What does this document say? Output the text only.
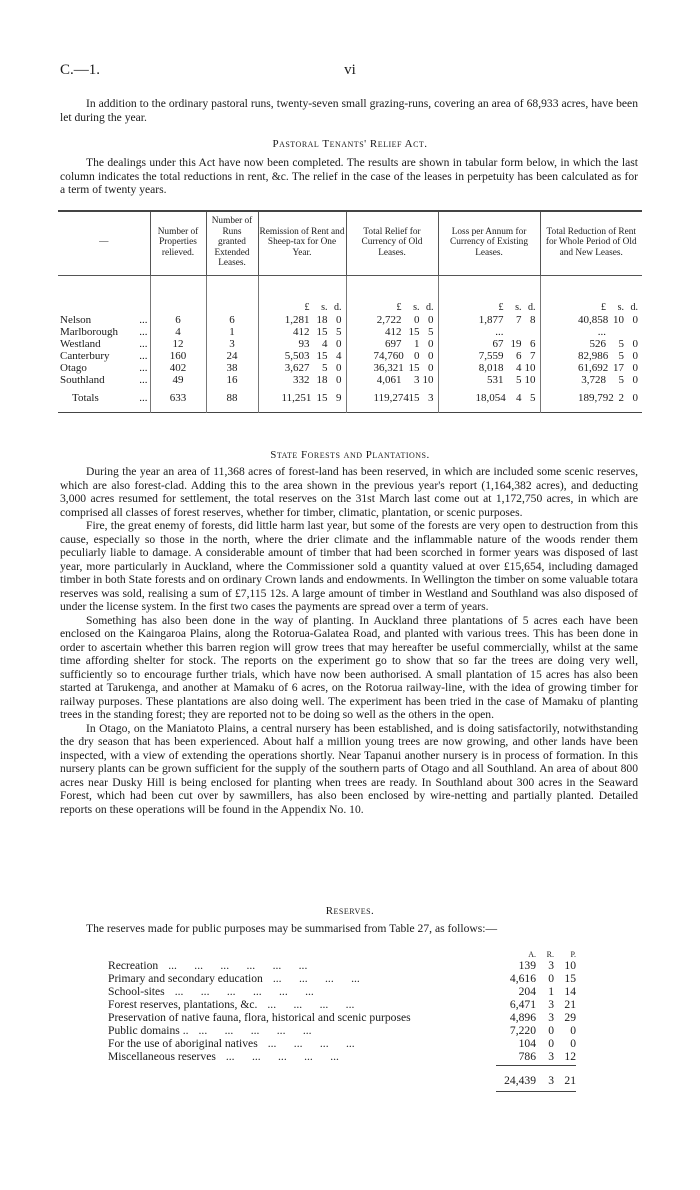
C.—1.	vi

In addition to the ordinary pastoral runs, twenty-seven small grazing-runs, covering an area of 68,933 acres, have been let during the year.

Pastoral Tenants' Relief Act.

The dealings under this Act have now been completed. The results are shown in tabular form below, in which the last column indicates the total reductions in rent, &c. The relief in the case of the leases in perpetuity has been calculated as for a term of twenty years.

—	Number of Properties relieved.	Number of Runs granted Extended Leases.	Remission of Rent and Sheep-tax for One Year.	Total Relief for Currency of Old Leases.	Loss per Annum for Currency of Existing Leases.	Total Reduction of Rent for Whole Period of Old and New Leases.
			£ s. d.	£ s. d.	£ s. d.	£ s. d.
Nelson ...	6	6	1,281 18 0	2,722 0 0	1,877 7 8	40,858 10 0
Marlborough ...	4	1	412 15 5	412 15 5	...	...
Westland ...	12	3	93 4 0	697 1 0	67 19 6	526 5 0
Canterbury ...	160	24	5,503 15 4	74,760 0 0	7,559 6 7	82,986 5 0
Otago ...	402	38	3,627 5 0	36,321 15 0	8,018 4 10	61,692 17 0
Southland ...	49	16	332 18 0	4,061 3 10	531 5 10	3,728 5 0
Totals ...	633	88	11,251 15 9	119,27415 3	18,054 4 5	189,792 2 0
State Forests and Plantations.

During the year an area of 11,368 acres of forest-land has been reserved, in which are included some scenic reserves, which are also forest-clad. Adding this to the area shown in the previous year's report (1,164,382 acres), and deducting 3,000 acres resumed for settlement, the total reserves on the 31st March last come out at 1,172,750 acres, in which are comprised all classes of forest reserves, whether for timber, climatic, plantation, or scenic purposes.

Fire, the great enemy of forests, did little harm last year, but some of the forests are very open to destruction from this cause, especially so those in the north, where the drier climate and the inflammable nature of the woods render them peculiarly liable to damage. A considerable amount of timber that had been scorched in former years was disposed of last year, more particularly in Auckland, where the Commissioner sold a quantity valued at over £15,654, including damaged timber in both State forests and on ordinary Crown lands and endowments. In Wellington the timber on some valuable totara reserves was sold, realising a sum of £7,115 12s. A large amount of timber in Westland and Southland was also disposed of under the license system. In the first two cases the payments are spread over a term of years.

Something has also been done in the way of planting. In Auckland three plantations of 5 acres each have been enclosed on the Kaingaroa Plains, along the Rotorua-Galatea Road, and planted with various trees. This has been done in order to ascertain whether this barren region will grow trees that may hereafter be useful commercially, whilst at the same time affording shelter for stock. The reports on the experiment go to show that so far the trees are doing very well, sufficiently so to encourage further trials, which have now been authorised. A small plantation of 15 acres has also been started at Tarukenga, and another at Mamaku of 6 acres, on the Rotorua railway-line, with the idea of growing timber for railway purposes. These plantations are also doing well. The experiment has been tried in the case of Mamaku of planting trees in the standing forest; they are reported not to be doing so well as the others in the open.

In Otago, on the Maniatoto Plains, a central nursery has been established, and is doing satisfactorily, notwithstanding the dry season that has been experienced. About half a million young trees are now growing, and other lands have been inspected, with a view of extending the operations shortly. Near Tapanui another nursery is in process of formation. In this nursery plants can be grown sufficient for the supply of the southern parts of Otago and all Southland. An area of about 800 acres near Dusky Hill is being enclosed for planting when trees are ready. In Southland about 300 acres in the Seaward Forest, which had been cut over by sawmillers, has also been enclosed by wire-netting and partially planted. Detailed reports on these operations will be found in the Appendix No. 10.

Reserves.

The reserves made for public purposes may be summarised from Table 27, as follows:—

A.	R.	P.
Recreation ...      ...      ...      ...      ...      ...	139	3 10
Primary and secondary education ...      ...      ...      ...	4,616	0 15
School-sites ...      ...      ...      ...      ...      ...	204	1 14
Forest reserves, plantations, &c. ...      ...      ...      ...	6,471	3 21
Preservation of native fauna, flora, historical and scenic purposes	4,896	3 29
Public domains .. ...      ...      ...      ...      ...	7,220	0	0
For the use of aboriginal natives ...      ...      ...      ...	104	0	0
Miscellaneous reserves ...      ...      ...      ...      ...	786	3 12
24,439	3 21
